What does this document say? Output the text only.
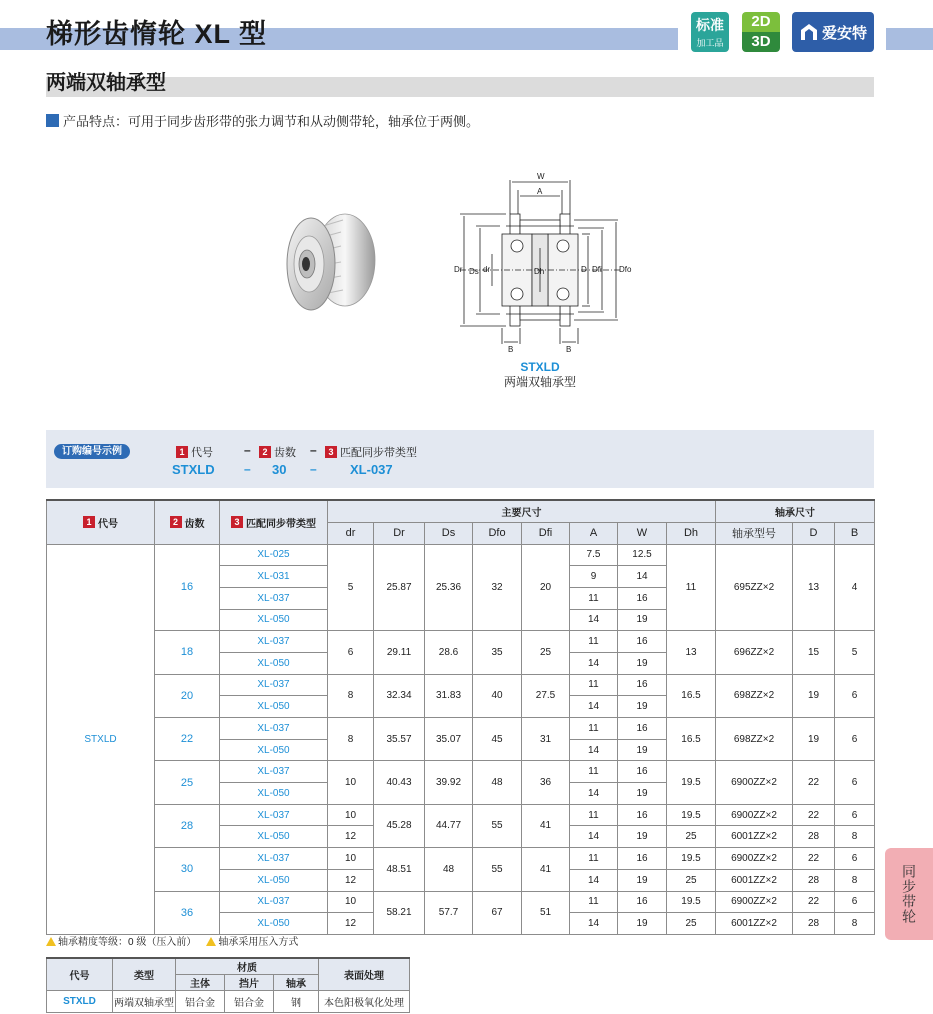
梯形齿惰轮 XL 型	标准
加工品
2D
3D	爱安特
两端双轴承型
产品特点：可用于同步齿形带的张力调节和从动侧带轮，轴承位于两侧。
W
A
Dr Ds dr	Dh	D Dfi Dfo
B	B
STXLD
两端双轴承型
订购编号示例	1 代号	–	2 齿数 –	3 匹配同步带类型
STXLD – 30 –	XL-037
1 代号	2 齿数	3 匹配同步带类型	主要尺寸								轴承尺寸		
			dr	Dr	Ds	Dfo	Dfi	A	W	Dh	轴承型号	D	B
STXLD	16	XL-025	5	25.87	25.36	32	20	7.5	12.5	11	695ZZ×2	13	4
		XL-031						9	14				
		XL-037						11	16				
		XL-050						14	19				
	18	XL-037	6	29.11	28.6	35	25	11	16	13	696ZZ×2	15	5
		XL-050						14	19				
	20	XL-037	8	32.34	31.83	40	27.5	11	16	16.5	698ZZ×2	19	6
		XL-050						14	19				
	22	XL-037	8	35.57	35.07	45	31	11	16	16.5	698ZZ×2	19	6
		XL-050						14	19				
	25	XL-037	10	40.43	39.92	48	36	11	16	19.5	6900ZZ×2	22	6
		XL-050						14	19				
	28	XL-037	10	45.28	44.77	55	41	11	16	19.5	6900ZZ×2	22	6
		XL-050	12					14	19	25	6001ZZ×2	28	8
	30	XL-037	10	48.51	48	55	41	11	16	19.5	6900ZZ×2	22	6
		XL-050	12					14	19	25	6001ZZ×2	28	8
	36	XL-037	10	58.21	57.7	67	51	11	16	19.5	6900ZZ×2	22	6
		XL-050	12					14	19	25	6001ZZ×2	28	8
轴承精度等级：0 级（压入前）	轴承采用压入方式
代号	类型	材质			表面处理
		主体	挡片	轴承	
STXLD	两端双轴承型	铝合金	铝合金	钢	本色阳极氧化处理
同步带轮
